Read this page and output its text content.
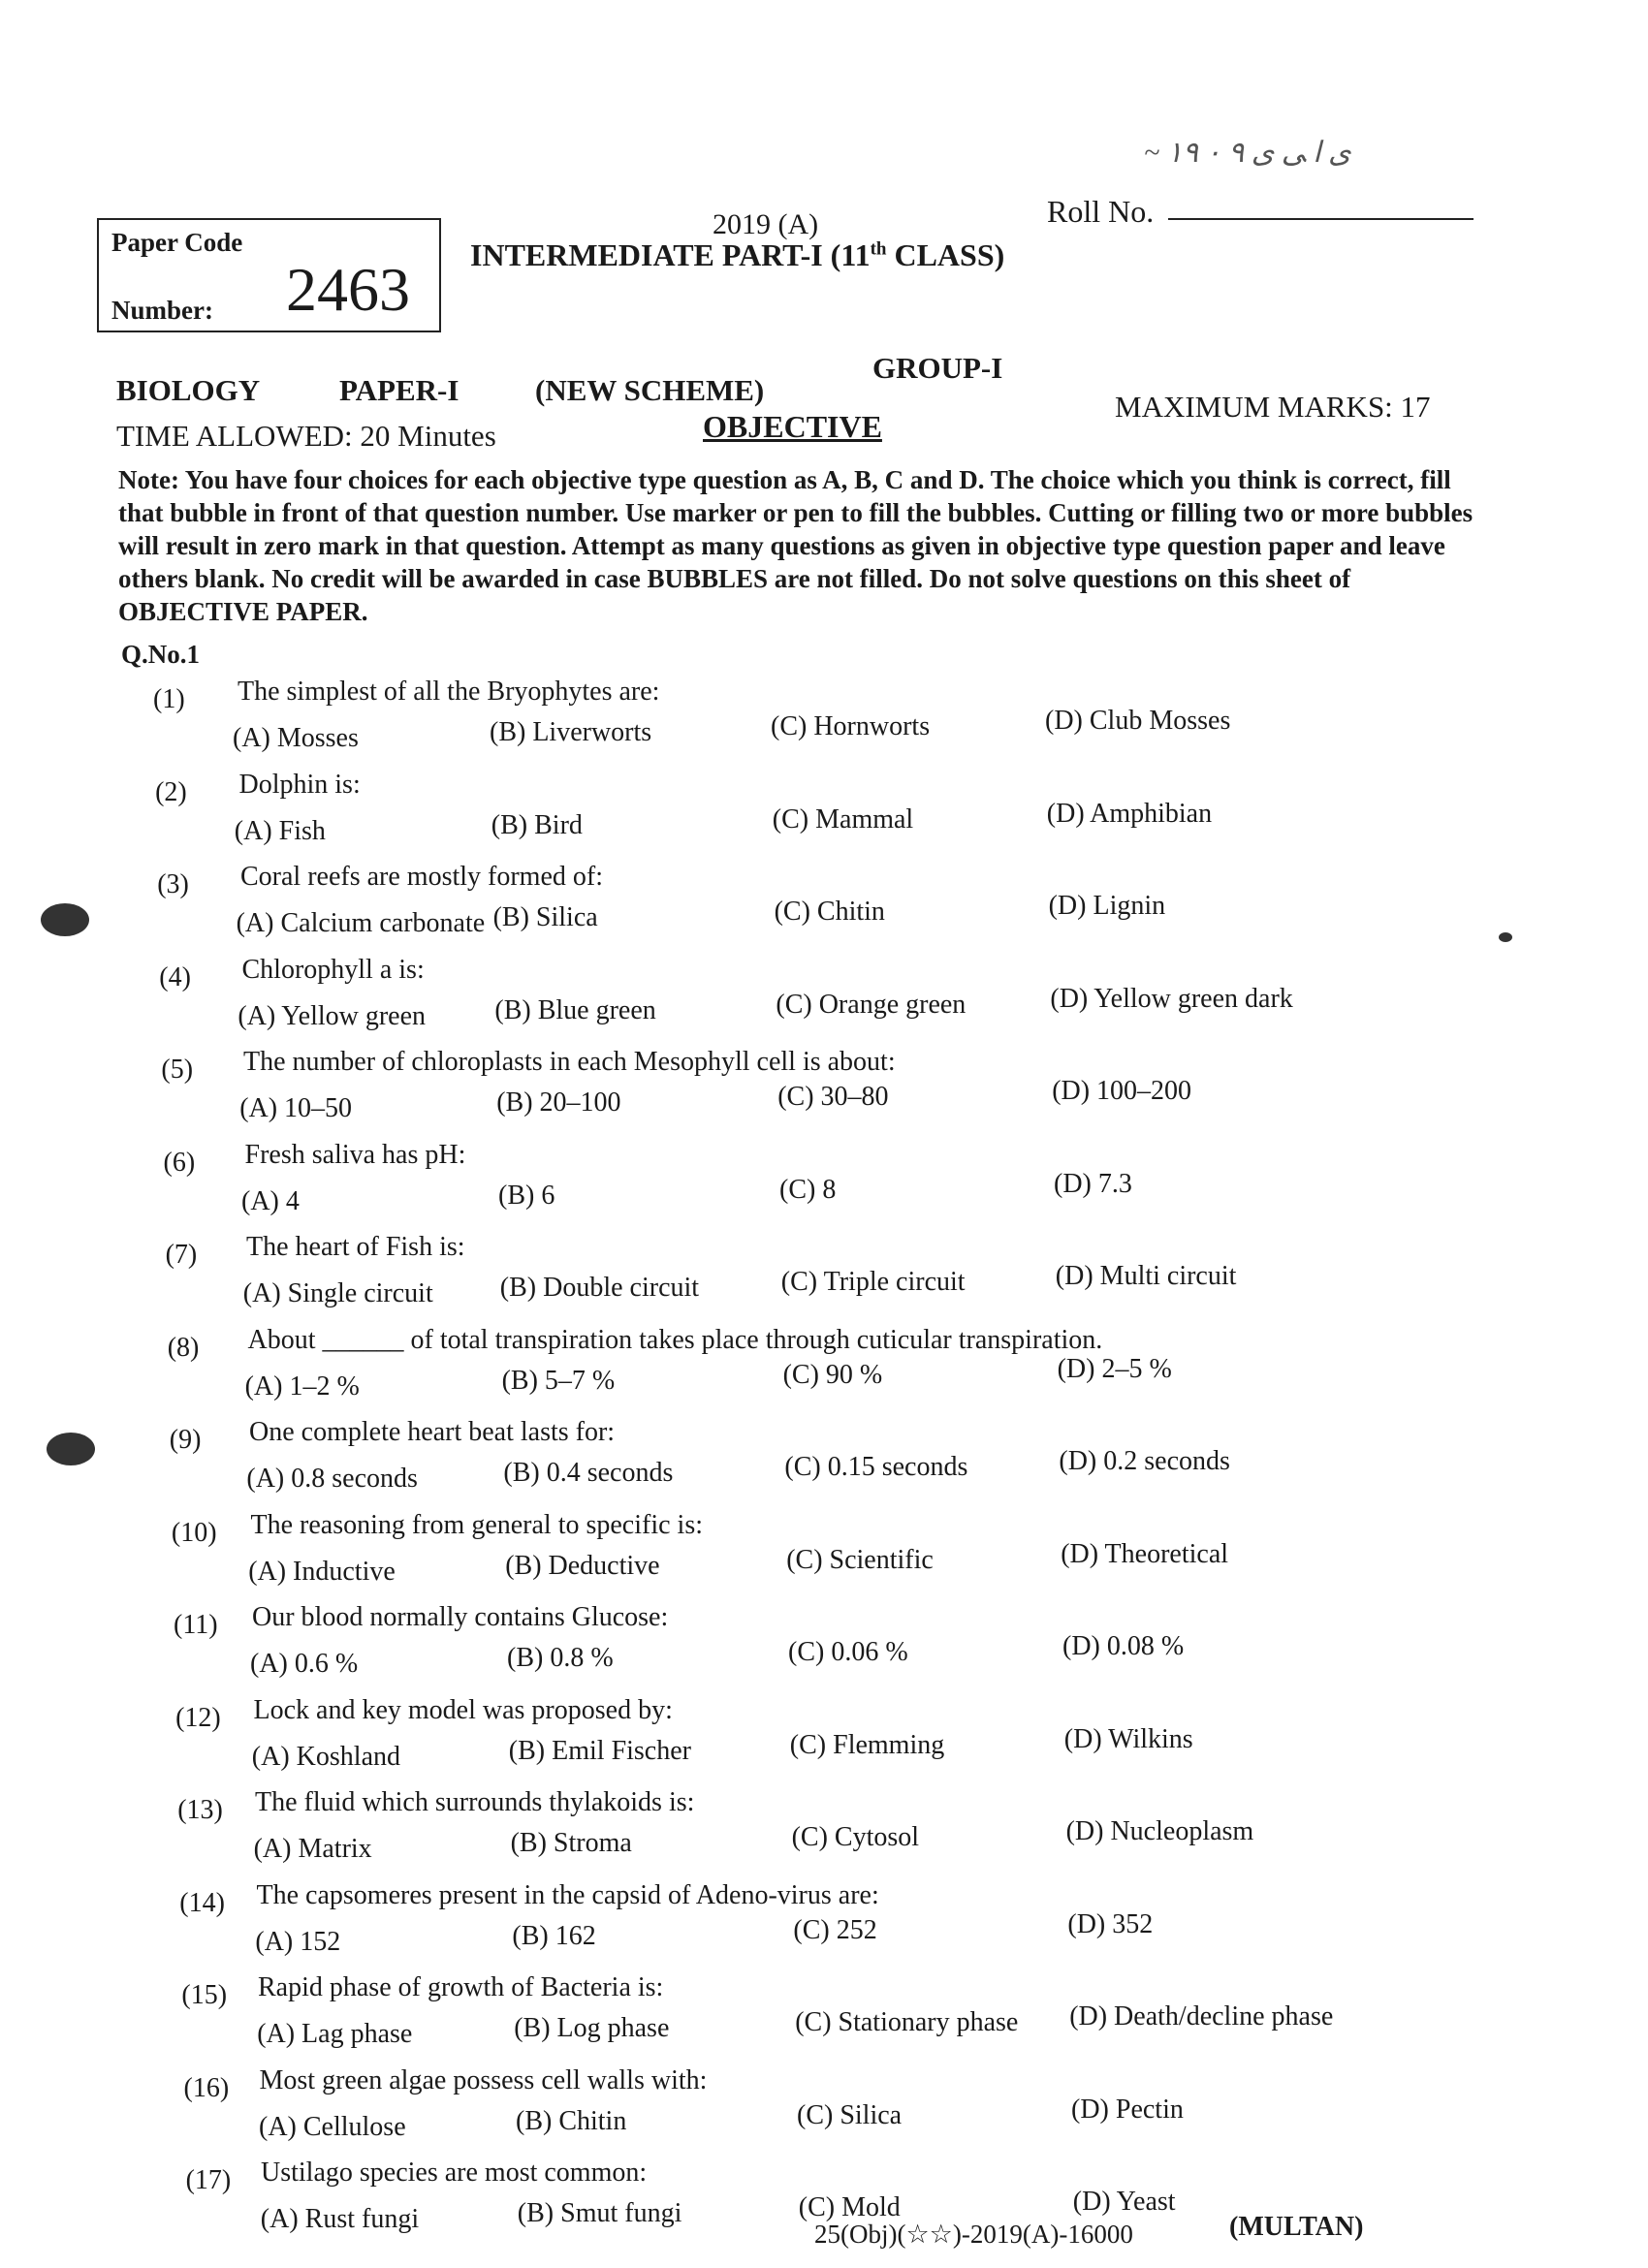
Paper Code
Number: 2463
~ ی ﺍ ﯽ ﯼ ۹ ۰ ۱۹
2019 (A)	Roll No.
INTERMEDIATE PART-I (11th CLASS)
BIOLOGY	PAPER-I	(NEW SCHEME)
GROUP-I
TIME ALLOWED: 20 Minutes	OBJECTIVE
MAXIMUM MARKS: 17
Note: You have four choices for each objective type question as A, B, C and D. The choice which you think is correct, fill that bubble in front of that question number. Use marker or pen to fill the bubbles. Cutting or filling two or more bubbles will result in zero mark in that question. Attempt as many questions as given in objective type question paper and leave others blank. No credit will be awarded in case BUBBLES are not filled. Do not solve questions on this sheet of OBJECTIVE PAPER.
Q.No.1
(1) The simplest of all the Bryophytes are:
(A) Mosses	(B) Liverworts	(C) Hornworts	(D) Club Mosses
(2) Dolphin is:
(A) Fish	(B) Bird	(C) Mammal	(D) Amphibian
(3) Coral reefs are mostly formed of:
(A) Calcium carbonate (B) Silica	(C) Chitin	(D) Lignin
(4) Chlorophyll a is:
(A) Yellow green	(B) Blue green	(C) Orange green	(D) Yellow green dark
(5) The number of chloroplasts in each Mesophyll cell is about:
(A) 10–50	(B) 20–100	(C) 30–80	(D) 100–200
(6) Fresh saliva has pH:
(A) 4	(B) 6	(C) 8	(D) 7.3
(7) The heart of Fish is:
(A) Single circuit (B) Double circuit	(C) Triple circuit	(D) Multi circuit
(8) About ______ of total transpiration takes place through cuticular transpiration.
(A) 1–2 %	(B) 5–7 %	(C) 90 %	(D) 2–5 %
(9) One complete heart beat lasts for:
(A) 0.8 seconds	(B) 0.4 seconds	(C) 0.15 seconds	(D) 0.2 seconds
(10) The reasoning from general to specific is:
(A) Inductive	(B) Deductive	(C) Scientific	(D) Theoretical
(11) Our blood normally contains Glucose:
(A) 0.6 %	(B) 0.8 %	(C) 0.06 %	(D) 0.08 %
(12) Lock and key model was proposed by:
(A) Koshland	(B) Emil Fischer	(C) Flemming	(D) Wilkins
(13) The fluid which surrounds thylakoids is:
(A) Matrix	(B) Stroma	(C) Cytosol	(D) Nucleoplasm
(14) The capsomeres present in the capsid of Adeno-virus are:
(A) 152	(B) 162	(C) 252	(D) 352
(15) Rapid phase of growth of Bacteria is:
(A) Lag phase	(B) Log phase	(C) Stationary phase (D) Death/decline phase
(16) Most green algae possess cell walls with:
(A) Cellulose	(B) Chitin	(C) Silica	(D) Pectin
(17) Ustilago species are most common:
(A) Rust fungi	(B) Smut fungi	(C) Mold	(D) Yeast
25(Obj)(☆☆)-2019(A)-16000	(MULTAN)
